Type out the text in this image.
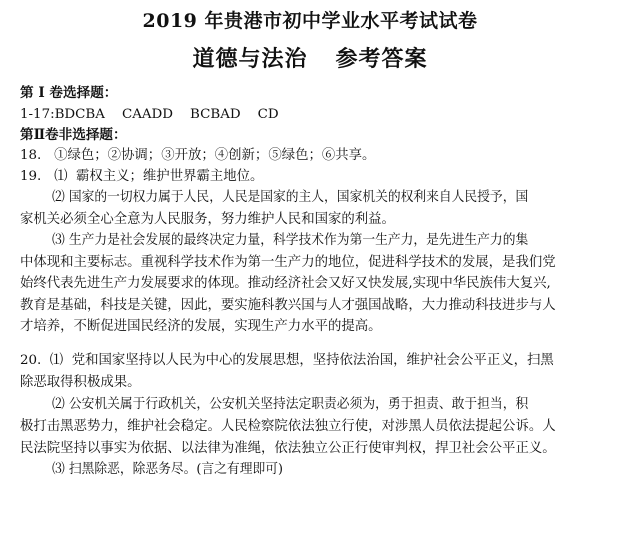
2019 年贵港市初中学业水平考试试卷
道德与法治 参考答案
第 I 卷选择题：
1-17:BDCBA    CAADD    BCBAD    CD
第Ⅱ卷非选择题：
18.   ①绿色；②协调；③开放；④创新；⑤绿色；⑥共享。
19.   ⑴  霸权主义；维护世界霸主地位。
⑵ 国家的一切权力属于人民，人民是国家的主人，国家机关的权利来自人民授予，国
家机关必须全心全意为人民服务，努力维护人民和国家的利益。
⑶ 生产力是社会发展的最终决定力量，科学技术作为第一生产力，是先进生产力的集
中体现和主要标志。重视科学技术作为第一生产力的地位，促进科学技术的发展，是我们党
始终代表先进生产力发展要求的体现。推动经济社会又好又快发展,实现中华民族伟大复兴,
教育是基础，科技是关键，因此，要实施科教兴国与人才强国战略，大力推动科技进步与人
才培养，不断促进国民经济的发展，实现生产力水平的提高。
20.  ⑴  党和国家坚持以人民为中心的发展思想，坚持依法治国，维护社会公平正义，扫黑
除恶取得积极成果。
⑵ 公安机关属于行政机关，公安机关坚持法定职责必须为，勇于担责、敢于担当，积
极打击黑恶势力，维护社会稳定。人民检察院依法独立行使，对涉黑人员依法提起公诉。人
民法院坚持以事实为依据、以法律为准绳，依法独立公正行使审判权，捍卫社会公平正义。
⑶ 扫黑除恶，除恶务尽。(言之有理即可)
